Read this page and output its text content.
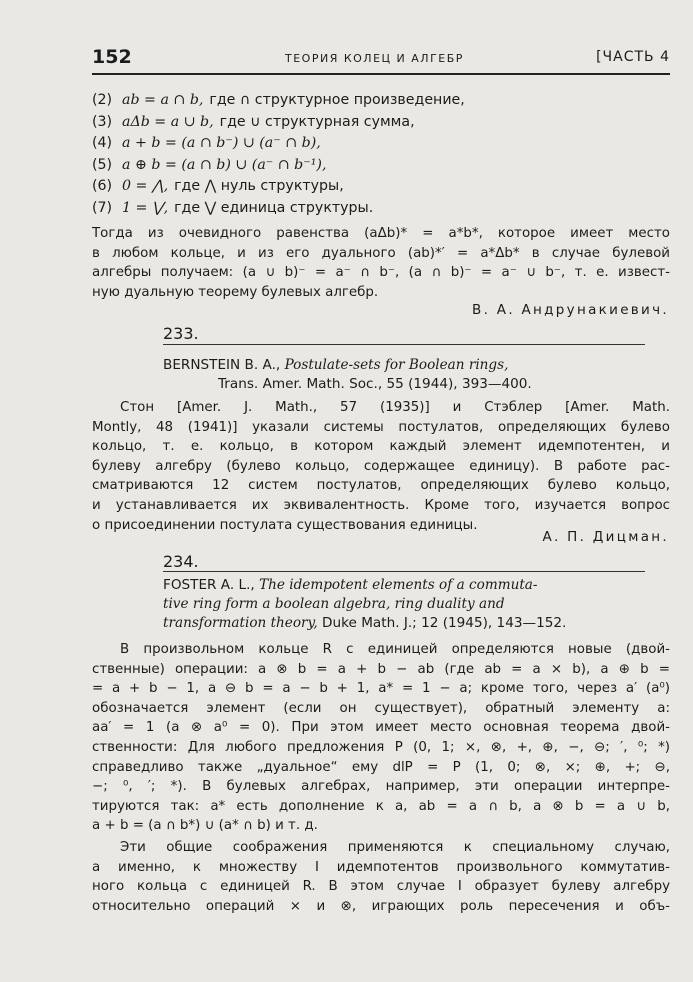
152	ТЕОРИЯ КОЛЕЦ И АЛГЕБР	[ЧАСТЬ 4
(2) ab = a ∩ b, где ∩ структурное произведение,
(3) aΔb = a ∪ b, где ∪ структурная сумма,
(4) a + b = (a ∩ b⁻) ∪ (a⁻ ∩ b),
(5) a ⊕ b = (a ∩ b) ∪ (a⁻ ∩ b⁻¹),
(6) 0 = ⋀, где ⋀ нуль структуры,
(7) 1 = ⋁, где ⋁ единица структуры.
Тогда из очевидного равенства (aΔb)* = a*b*, которое имеет место
в любом кольце, и из его дуального (ab)*′ = a*Δb* в случае булевой
алгебры получаем: (a ∪ b)⁻ = a⁻ ∩ b⁻, (a ∩ b)⁻ = a⁻ ∪ b⁻, т. е. извест-
ную дуальную теорему булевых алгебр.
В. А. Андрунакиевич.
233.
BERNSTEIN B. A., Postulate-sets for Boolean rings,
Trans. Amer. Math. Soc., 55 (1944), 393—400.
Стон [Amer. J. Math., 57 (1935)] и Стэблер [Amer. Math.
Montly, 48 (1941)] указали системы постулатов, определяющих булево
кольцо, т. е. кольцо, в котором каждый элемент идемпотентен, и
булеву алгебру (булево кольцо, содержащее единицу). В работе рас-
сматриваются 12 систем постулатов, определяющих булево кольцо,
и устанавливается их эквивалентность. Кроме того, изучается вопрос
о присоединении постулата существования единицы.
А. П. Дицман.
234.
FOSTER A. L., The idempotent elements of a commuta-
tive ring form a boolean algebra, ring duality and
transformation theory, Duke Math. J.; 12 (1945), 143—152.
В произвольном кольце R с единицей определяются новые (двой-
ственные) операции: a ⊗ b = a + b − ab (где ab = a × b), a ⊕ b =
= a + b − 1, a ⊖ b = a − b + 1, a* = 1 − a; кроме того, через a′ (a⁰)
обозначается элемент (если он существует), обратный элементу a:
aa′ = 1 (a ⊗ a⁰ = 0). При этом имеет место основная теорема двой-
ственности: Для любого предложения P (0, 1; ×, ⊗, +, ⊕, −, ⊖; ′, ⁰; *)
справедливо также „дуальное“ ему dlP = P (1, 0; ⊗, ×; ⊕, +; ⊖,
−; ⁰, ′; *). В булевых алгебрах, например, эти операции интерпре-
тируются так: a* есть дополнение к a, ab = a ∩ b, a ⊗ b = a ∪ b,
a + b = (a ∩ b*) ∪ (a* ∩ b) и т. д.
Эти общие соображения применяются к специальному случаю,
а именно, к множеству I идемпотентов произвольного коммутатив-
ного кольца с единицей R. В этом случае I образует булеву алгебру
относительно операций × и ⊗, играющих роль пересечения и объ-
